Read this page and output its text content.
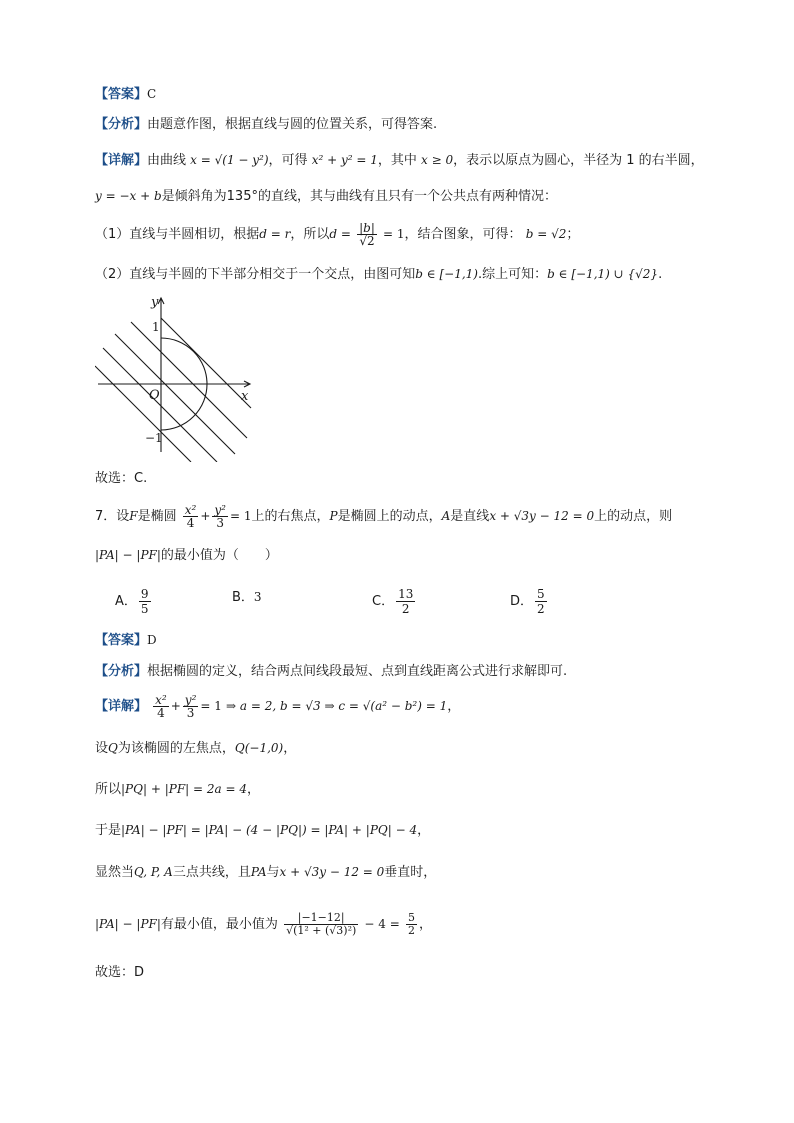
【答案】C
【分析】由题意作图，根据直线与圆的位置关系，可得答案.
【详解】由曲线 x = √(1 − y²)，可得 x² + y² = 1，其中 x ≥ 0，表示以原点为圆心，半径为 1 的右半圆，
y = −x + b是倾斜角为135°的直线，其与曲线有且只有一个公共点有两种情况：
（1）直线与半圆相切，根据d = r，所以$d = \frac{|b|}{√2} = 1$，结合图象，可得： b = √2；
（2）直线与半圆的下半部分相交于一个交点，由图可知b ∈ [−1,1).综上可知：b ∈ [−1,1) ∪ {√2}.
y
x
O
1
−1
故选：C.
7．设F是椭圆 $\frac{\text{x²}}{4} + \frac{\text{y²}}{3} = 1$上的右焦点，P是椭圆上的动点，A是直线x + √3y − 12 = 0上的动点，则
|PA| − |PF|的最小值为（　　）
A． $\frac{9}{5}$	B．3	C． $\frac{13}{2}$	D． $\frac{5}{2}$
【答案】D
【分析】根据椭圆的定义，结合两点间线段最短、点到直线距离公式进行求解即可.
【详解】 $\frac{\text{x²}}{4} + \frac{\text{y²}}{3} = 1$ ⇒ a = 2, b = √3 ⇒ c = √(a² − b²) = 1，
设Q为该椭圆的左焦点，Q(−1,0)，
所以|PQ| + |PF| = 2a = 4，
于是|PA| − |PF| = |PA| − (4 − |PQ|) = |PA| + |PQ| − 4，
显然当Q, P, A三点共线，且PA与x + √3y − 12 = 0垂直时，
|PA| − |PF|有最小值，最小值为 $\frac{|-1-12|}{\text{√(1² + (√3)²)}} - 4 = \frac{5}{2}$ ，
故选：D
